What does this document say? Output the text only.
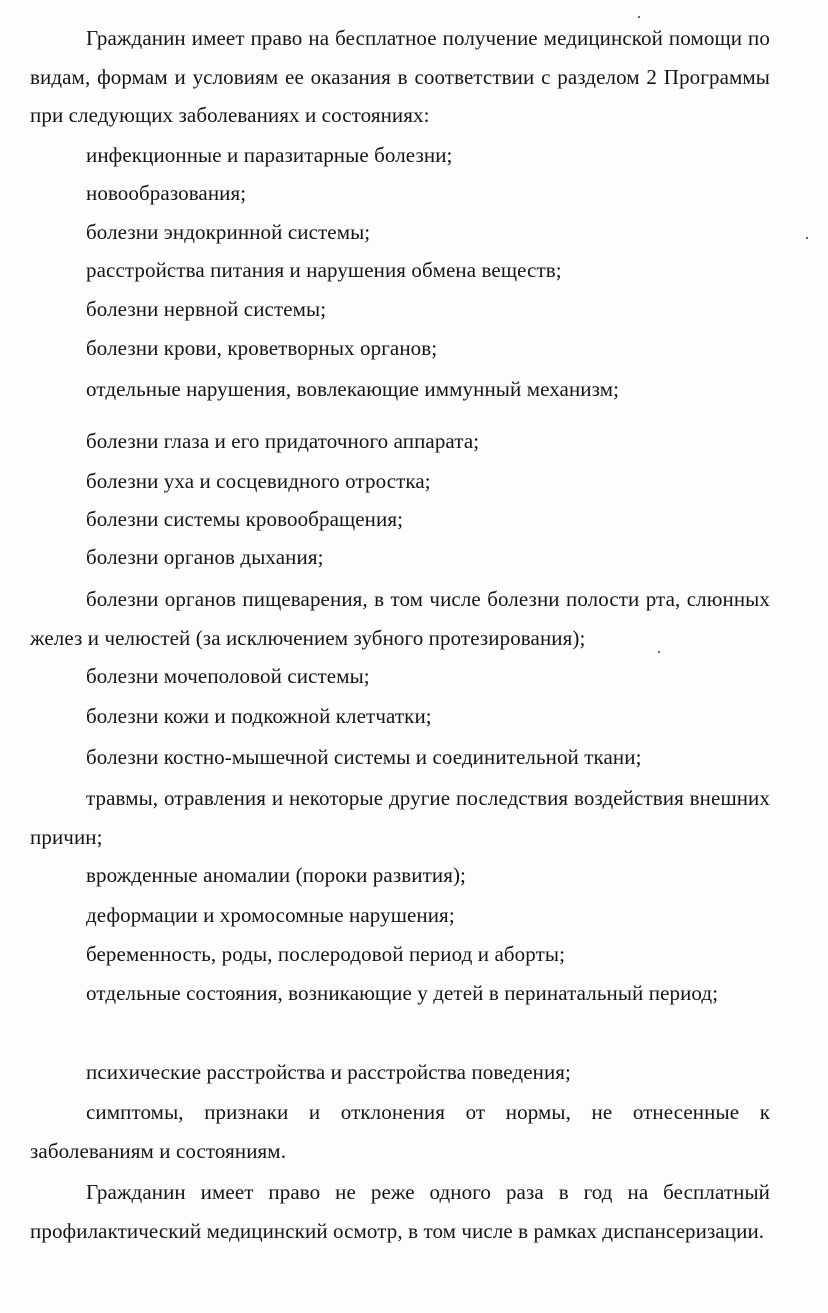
Гражданин имеет право на бесплатное получение медицинской помощи по видам, формам и условиям ее оказания в соответствии с разделом 2 Программы при следующих заболеваниях и состояниях:

инфекционные и паразитарные болезни;

новообразования;

болезни эндокринной системы;

расстройства питания и нарушения обмена веществ;

болезни нервной системы;

болезни крови, кроветворных органов;

отдельные нарушения, вовлекающие иммунный механизм;

болезни глаза и его придаточного аппарата;

болезни уха и сосцевидного отростка;

болезни системы кровообращения;

болезни органов дыхания;

болезни органов пищеварения, в том числе болезни полости рта, слюнных желез и челюстей (за исключением зубного протезирования);

болезни мочеполовой системы;

болезни кожи и подкожной клетчатки;

болезни костно-мышечной системы и соединительной ткани;

травмы, отравления и некоторые другие последствия воздействия внешних причин;

врожденные аномалии (пороки развития);

деформации и хромосомные нарушения;

беременность, роды, послеродовой период и аборты;

отдельные состояния, возникающие у детей в перинатальный период;

психические расстройства и расстройства поведения;

симптомы, признаки и отклонения от нормы, не отнесенные к заболеваниям и состояниям.

Гражданин имеет право не реже одного раза в год на бесплатный профилактический медицинский осмотр, в том числе в рамках диспансеризации.
